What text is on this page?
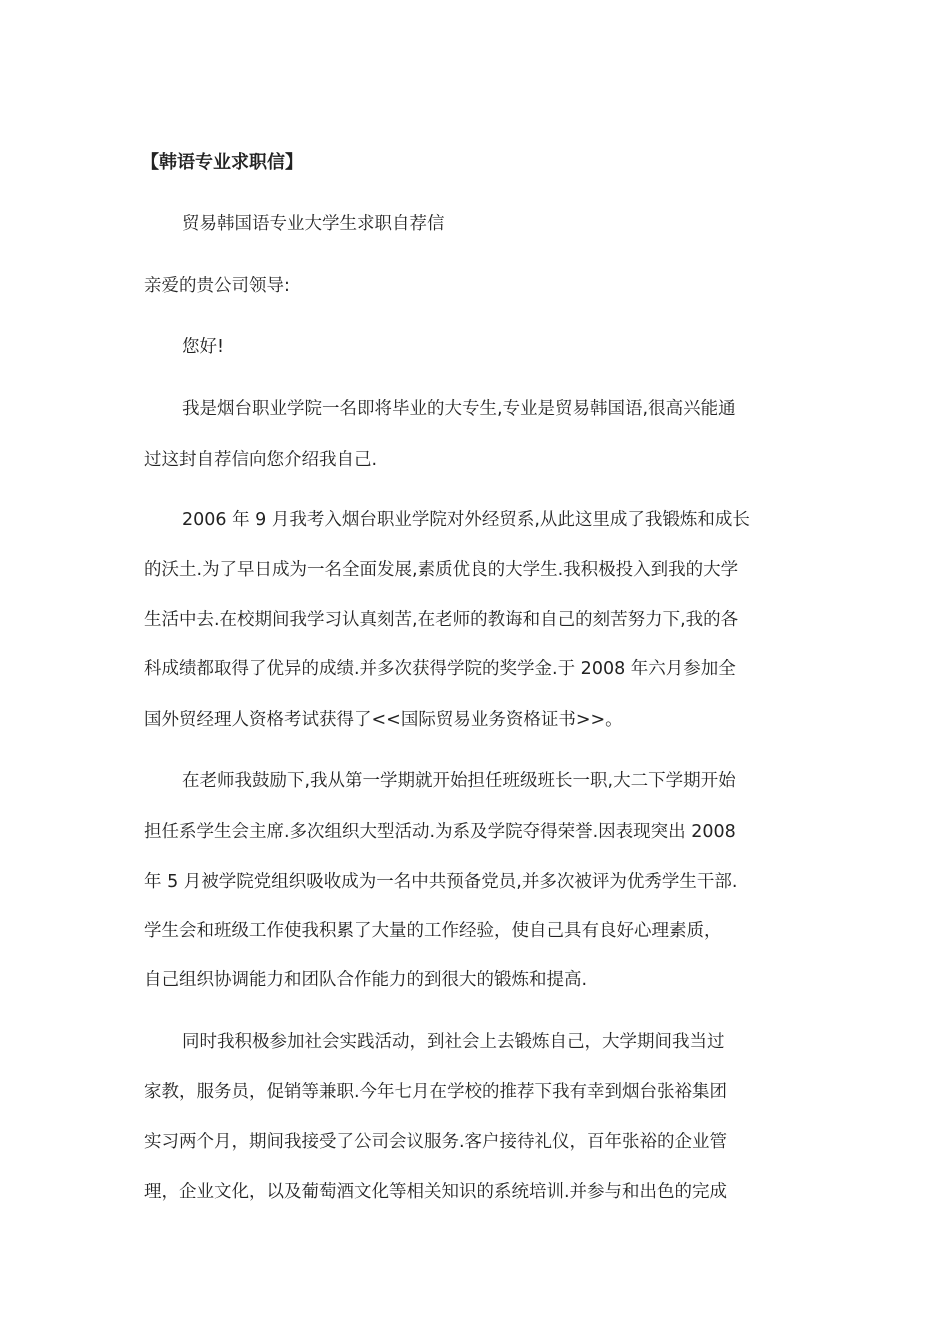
【韩语专业求职信】
贸易韩国语专业大学生求职自荐信
亲爱的贵公司领导:
您好!
我是烟台职业学院一名即将毕业的大专生,专业是贸易韩国语,很高兴能通
过这封自荐信向您介绍我自己.
2006 年 9 月我考入烟台职业学院对外经贸系,从此这里成了我锻炼和成长
的沃土.为了早日成为一名全面发展,素质优良的大学生.我积极投入到我的大学
生活中去.在校期间我学习认真刻苦,在老师的教诲和自己的刻苦努力下,我的各
科成绩都取得了优异的成绩.并多次获得学院的奖学金.于 2008 年六月参加全
国外贸经理人资格考试获得了<<国际贸易业务资格证书>>。
在老师我鼓励下,我从第一学期就开始担任班级班长一职,大二下学期开始
担任系学生会主席.多次组织大型活动.为系及学院夺得荣誉.因表现突出 2008
年 5 月被学院党组织吸收成为一名中共预备党员,并多次被评为优秀学生干部.
学生会和班级工作使我积累了大量的工作经验，使自己具有良好心理素质，
自己组织协调能力和团队合作能力的到很大的锻炼和提高.
同时我积极参加社会实践活动，到社会上去锻炼自己，大学期间我当过
家教，服务员，促销等兼职.今年七月在学校的推荐下我有幸到烟台张裕集团
实习两个月，期间我接受了公司会议服务.客户接待礼仪，百年张裕的企业管
理，企业文化，以及葡萄酒文化等相关知识的系统培训.并参与和出色的完成
